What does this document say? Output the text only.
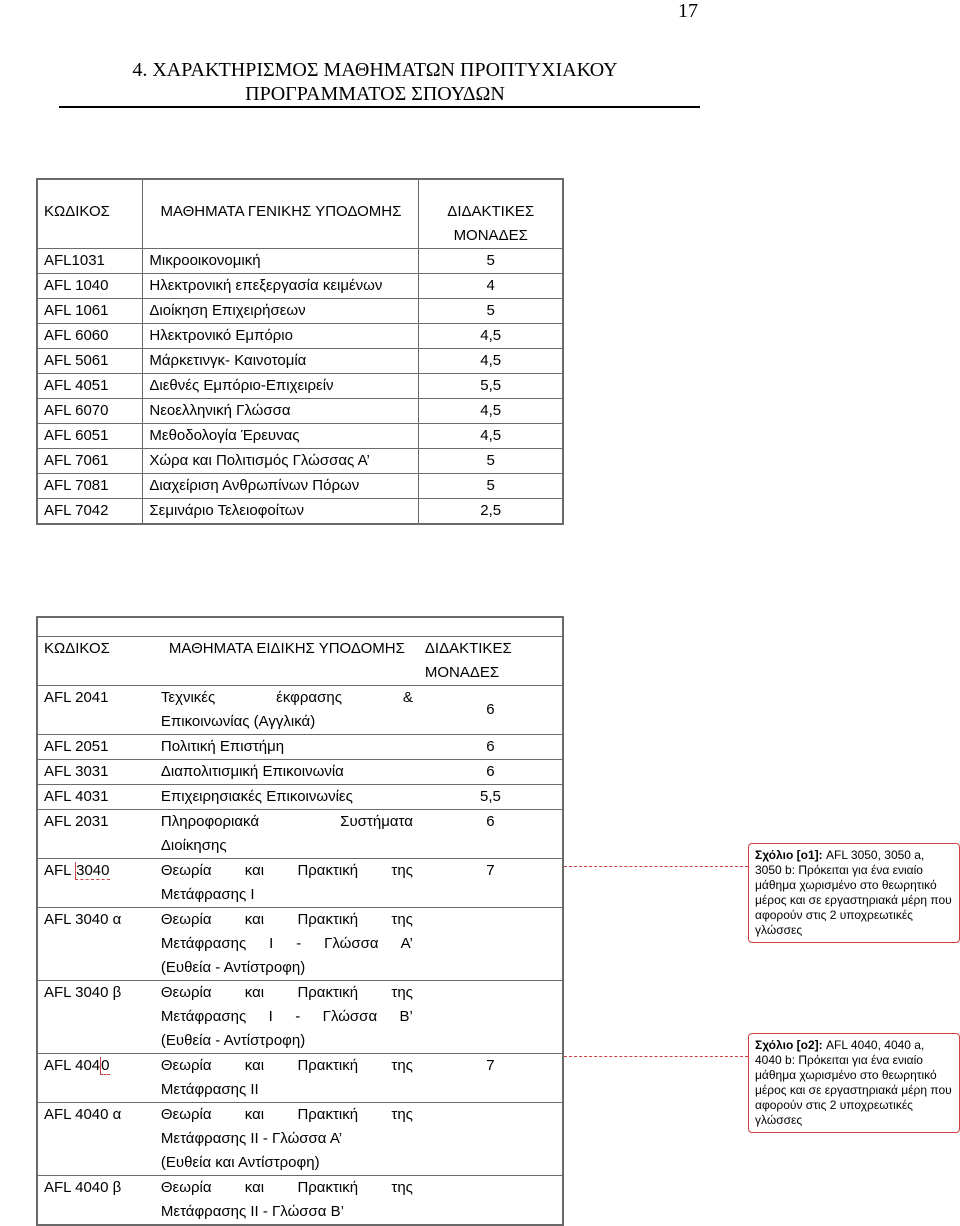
17
4. ΧΑΡΑΚΤΗΡΙΣΜΟΣ ΜΑΘΗΜΑΤΩΝ ΠΡΟΠΤΥΧΙΑΚΟΥ
ΠΡΟΓΡΑΜΜΑΤΟΣ ΣΠΟΥΔΩΝ

ΚΩΔΙΚΟΣ	ΜΑΘΗΜΑΤΑ ΓΕΝΙΚΗΣ ΥΠΟΔΟΜΗΣ	ΔΙΔΑΚΤΙΚΕΣ ΜΟΝΑΔΕΣ
AFL1031	Μικροοικονομική	5
AFL 1040	Ηλεκτρονική επεξεργασία κειμένων	4
AFL 1061	Διοίκηση Επιχειρήσεων	5
AFL 6060	Ηλεκτρονικό Εμπόριο	4,5
AFL 5061	Μάρκετινγκ- Καινοτομία	4,5
AFL 4051	Διεθνές Εμπόριο-Επιχειρείν	5,5
AFL 6070	Νεοελληνική Γλώσσα	4,5
AFL 6051	Μεθοδολογία Έρευνας	4,5
AFL 7061	Χώρα και Πολιτισμός Γλώσσας Α’	5
AFL 7081	Διαχείριση Ανθρωπίνων Πόρων	5
AFL 7042	Σεμινάριο Τελειοφοίτων	2,5

ΚΩΔΙΚΟΣ	ΜΑΘΗΜΑΤΑ ΕΙΔΙΚΗΣ ΥΠΟΔΟΜΗΣ	ΔΙΔΑΚΤΙΚΕΣ ΜΟΝΑΔΕΣ
AFL 2041	Τεχνικές έκφρασης &
Επικοινωνίας (Αγγλικά)	6
AFL 2051	Πολιτική Επιστήμη	6
AFL 3031	Διαπολιτισμική Επικοινωνία	6
AFL 4031	Επιχειρησιακές Επικοινωνίες	5,5
AFL 2031	Πληροφοριακά Συστήματα
Διοίκησης	6
AFL 3040	Θεωρία και Πρακτική της
Μετάφρασης Ι	7
AFL 3040 α	Θεωρία και Πρακτική της
Μετάφρασης Ι - Γλώσσα Α’
(Ευθεία - Αντίστροφη)	

AFL 3040 β	Θεωρία και Πρακτική της
Μετάφρασης Ι - Γλώσσα Β’
(Ευθεία - Αντίστροφη)	

AFL 4040	Θεωρία και Πρακτική της
Μετάφρασης ΙΙ	7
AFL 4040 α	Θεωρία και Πρακτική της
Μετάφρασης ΙΙ - Γλώσσα Α’
(Ευθεία και Αντίστροφη)	

AFL 4040 β	Θεωρία και Πρακτική της
Μετάφρασης ΙΙ - Γλώσσα Β’	

Σχόλιο [o1]: AFL 3050, 3050 a, 3050 b: Πρόκειται για ένα ενιαίο μάθημα χωρισμένο στο θεωρητικό μέρος και σε εργαστηριακά μέρη που αφορούν στις 2 υποχρεωτικές γλώσσες
Σχόλιο [o2]: AFL 4040, 4040 a, 4040 b: Πρόκειται για ένα ενιαίο μάθημα χωρισμένο στο θεωρητικό μέρος και σε εργαστηριακά μέρη που αφορούν στις 2 υποχρεωτικές γλώσσες
